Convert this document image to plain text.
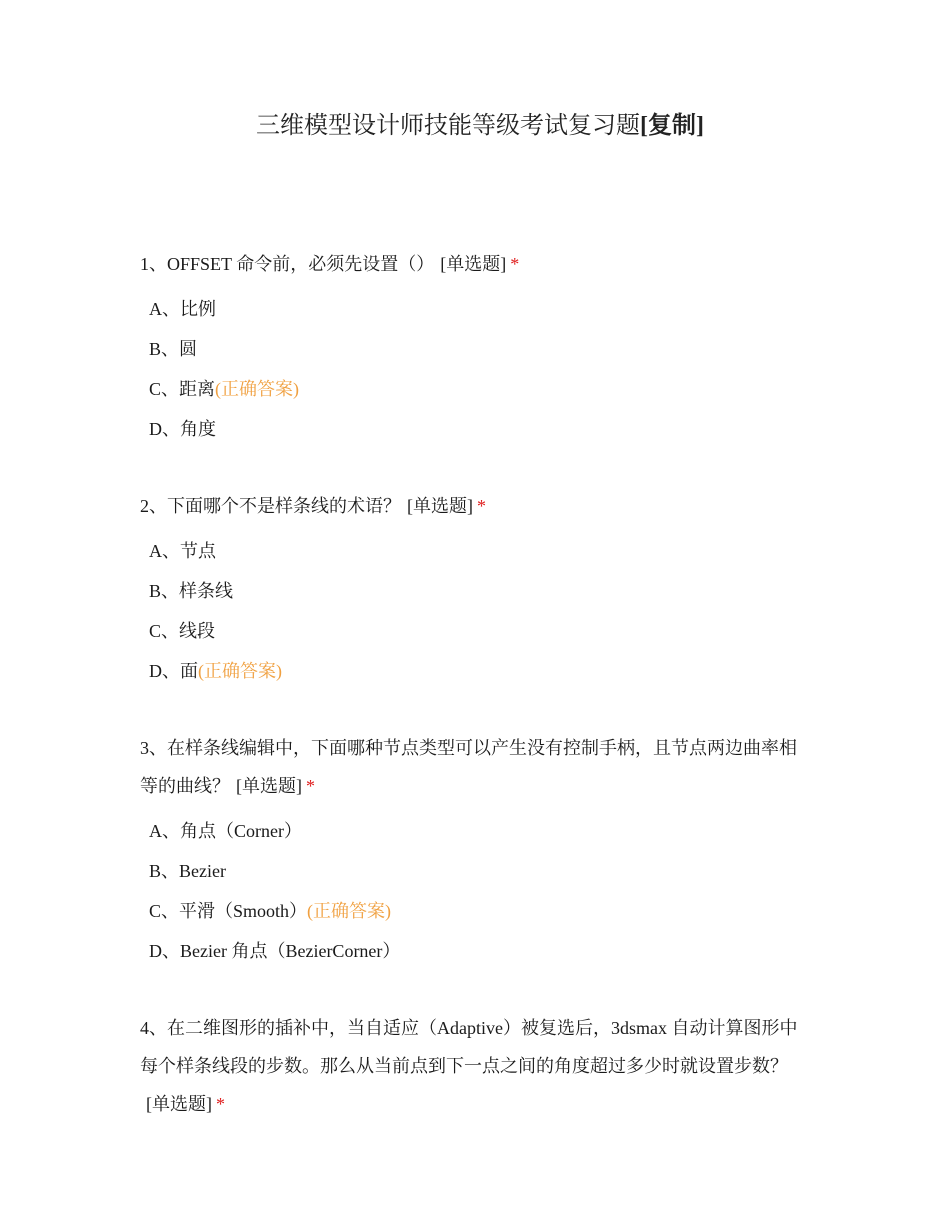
三维模型设计师技能等级考试复习题[复制]

1、OFFSET 命令前，必须先设置（） [单选题] *

A、比例
B、圆
C、距离(正确答案)
D、角度

2、下面哪个不是样条线的术语？ [单选题] *

A、节点
B、样条线
C、线段
D、面(正确答案)

3、在样条线编辑中，下面哪种节点类型可以产生没有控制手柄，且节点两边曲率相等的曲线？ [单选题] *

A、角点（Corner）
B、Bezier
C、平滑（Smooth）(正确答案)
D、Bezier 角点（BezierCorner）

4、在二维图形的插补中，当自适应（Adaptive）被复选后，3dsmax 自动计算图形中每个样条线段的步数。那么从当前点到下一点之间的角度超过多少时就设置步数？[单选题] *
